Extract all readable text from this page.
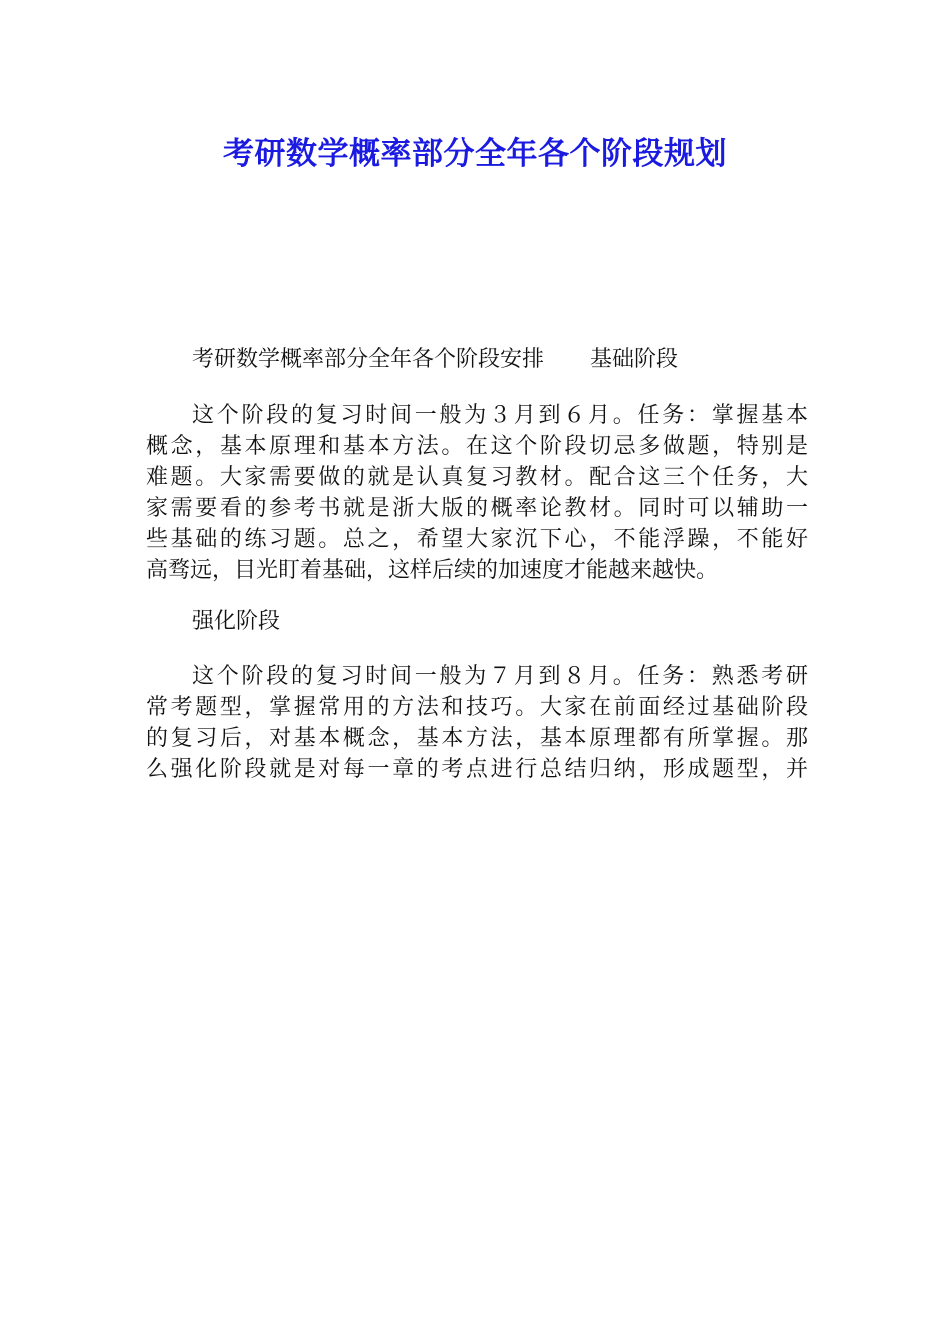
考研数学概率部分全年各个阶段规划
考研数学概率部分全年各个阶段安排 基础阶段
这个阶段的复习时间一般为３月到６月。任务：掌握基本
概念，基本原理和基本方法。在这个阶段切忌多做题，特别是
难题。大家需要做的就是认真复习教材。配合这三个任务，大
家需要看的参考书就是浙大版的概率论教材。同时可以辅助一
些基础的练习题。总之，希望大家沉下心，不能浮躁，不能好
高骛远，目光盯着基础，这样后续的加速度才能越来越快。
强化阶段
这个阶段的复习时间一般为７月到８月。任务：熟悉考研
常考题型，掌握常用的方法和技巧。大家在前面经过基础阶段
的复习后，对基本概念，基本方法，基本原理都有所掌握。那
么强化阶段就是对每一章的考点进行总结归纳，形成题型，并
